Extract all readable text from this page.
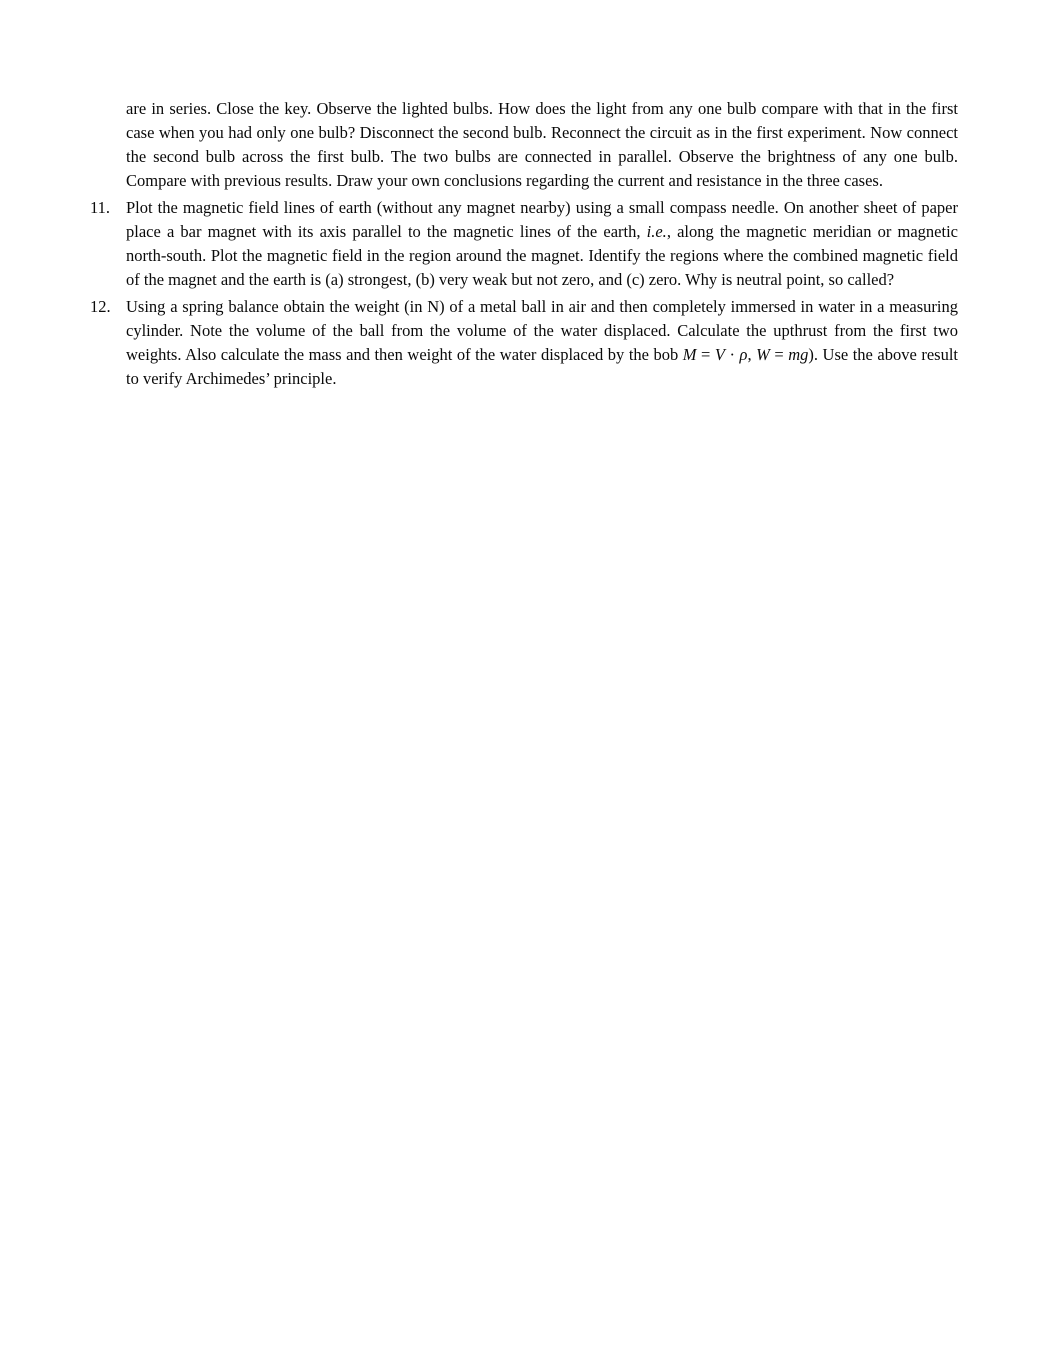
are in series. Close the key. Observe the lighted bulbs. How does the light from any one bulb compare with that in the first case when you had only one bulb? Disconnect the second bulb. Reconnect the circuit as in the first experiment. Now connect the second bulb across the first bulb. The two bulbs are connected in parallel. Observe the brightness of any one bulb. Compare with previous results. Draw your own conclusions regarding the current and resistance in the three cases.
11. Plot the magnetic field lines of earth (without any magnet nearby) using a small compass needle. On another sheet of paper place a bar magnet with its axis parallel to the magnetic lines of the earth, i.e., along the magnetic meridian or magnetic north-south. Plot the magnetic field in the region around the magnet. Identify the regions where the combined magnetic field of the magnet and the earth is (a) strongest, (b) very weak but not zero, and (c) zero. Why is neutral point, so called?
12. Using a spring balance obtain the weight (in N) of a metal ball in air and then completely immersed in water in a measuring cylinder. Note the volume of the ball from the volume of the water displaced. Calculate the upthrust from the first two weights. Also calculate the mass and then weight of the water displaced by the bob M = V · ρ, W = mg). Use the above result to verify Archimedes’ principle.
